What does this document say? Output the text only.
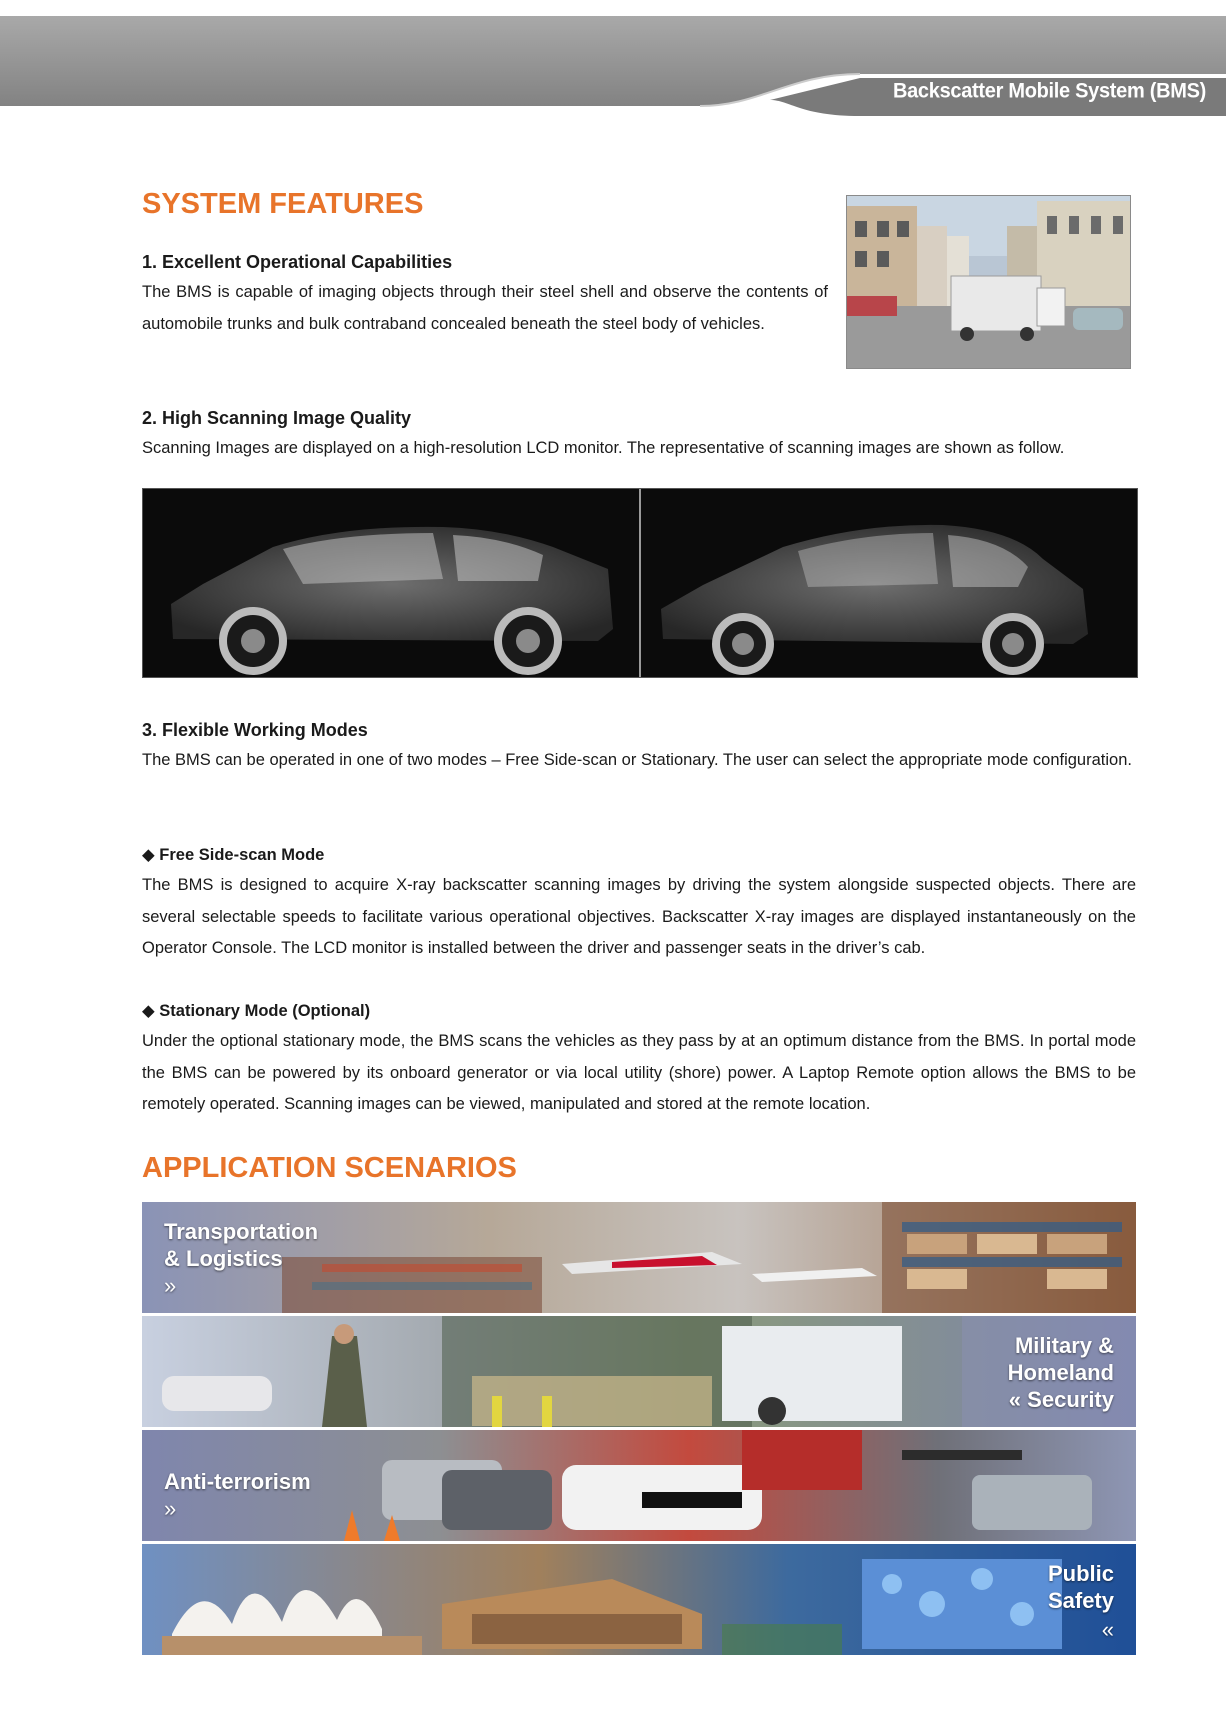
Backscatter Mobile System (BMS)
SYSTEM FEATURES
1. Excellent Operational Capabilities

The BMS is capable of imaging objects through their steel shell and observe the contents of automobile trunks and bulk contraband concealed beneath the steel body of vehicles.

2. High Scanning Image Quality

Scanning Images are displayed on a high-resolution LCD monitor. The representative of scanning images are shown as follow.

3. Flexible Working Modes

The BMS can be operated in one of two modes – Free Side-scan or Stationary. The user can select the appropriate mode configuration.

◆ Free Side-scan Mode

The BMS is designed to acquire X-ray backscatter scanning images by driving the system alongside suspected objects. There are several selectable speeds to facilitate various operational objectives. Backscatter X-ray images are displayed instantaneously on the Operator Console. The LCD monitor is installed between the driver and passenger seats in the driver’s cab.

◆ Stationary Mode (Optional)

Under the optional stationary mode, the BMS scans the vehicles as they pass by at an optimum distance from the BMS. In portal mode the BMS can be powered by its onboard generator or via local utility (shore) power. A Laptop Remote option allows the BMS to be remotely operated. Scanning images can be viewed, manipulated and stored at the remote location.

APPLICATION SCENARIOS
Transportation
& Logistics
»
Military &
Homeland
« Security
Anti-terrorism
»
Public
Safety
«
